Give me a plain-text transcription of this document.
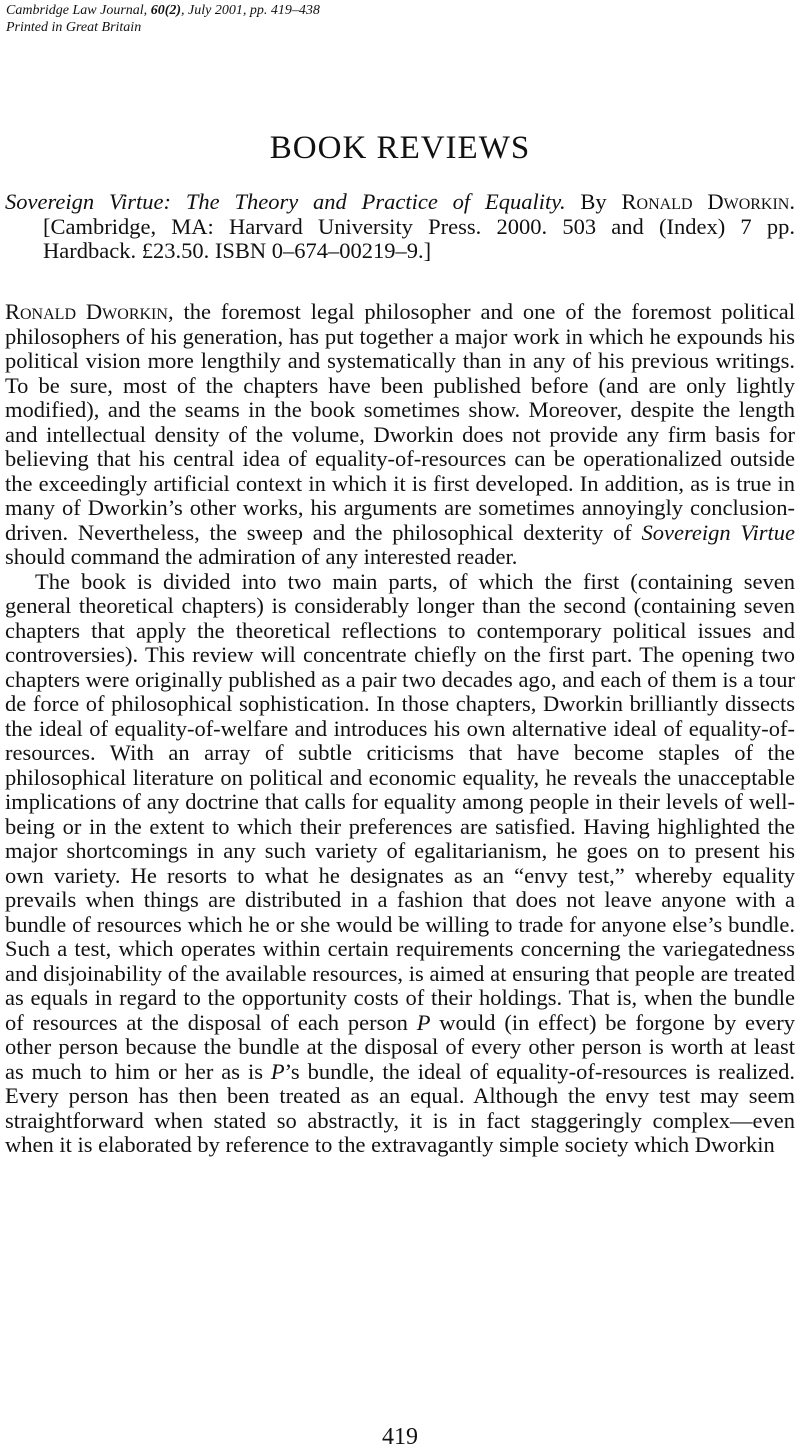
Cambridge Law Journal, 60(2), July 2001, pp. 419–438
Printed in Great Britain
BOOK REVIEWS
Sovereign Virtue: The Theory and Practice of Equality. By Ronald Dworkin. [Cambridge, MA: Harvard University Press. 2000. 503 and (Index) 7 pp. Hardback. £23.50. ISBN 0–674–00219–9.]

Ronald Dworkin, the foremost legal philosopher and one of the foremost political philosophers of his generation, has put together a major work in which he expounds his political vision more lengthily and systematically than in any of his previous writings. To be sure, most of the chapters have been published before (and are only lightly modified), and the seams in the book sometimes show. Moreover, despite the length and intellectual density of the volume, Dworkin does not provide any firm basis for believing that his central idea of equality-of-resources can be operationalized outside the exceedingly artificial context in which it is first developed. In addition, as is true in many of Dworkin’s other works, his arguments are sometimes annoyingly conclusion-driven. Nevertheless, the sweep and the philosophical dexterity of Sovereign Virtue should command the admiration of any interested reader.

The book is divided into two main parts, of which the first (containing seven general theoretical chapters) is considerably longer than the second (containing seven chapters that apply the theoretical reflections to contemporary political issues and controversies). This review will concentrate chiefly on the first part. The opening two chapters were originally published as a pair two decades ago, and each of them is a tour de force of philosophical sophistication. In those chapters, Dworkin brilliantly dissects the ideal of equality-of-welfare and introduces his own alternative ideal of equality-of-resources. With an array of subtle criticisms that have become staples of the philosophical literature on political and economic equality, he reveals the unacceptable implications of any doctrine that calls for equality among people in their levels of well-being or in the extent to which their preferences are satisfied. Having highlighted the major shortcomings in any such variety of egalitarianism, he goes on to present his own variety. He resorts to what he designates as an “envy test,” whereby equality prevails when things are distributed in a fashion that does not leave anyone with a bundle of resources which he or she would be willing to trade for anyone else’s bundle. Such a test, which operates within certain requirements concerning the variegatedness and disjoinability of the available resources, is aimed at ensuring that people are treated as equals in regard to the opportunity costs of their holdings. That is, when the bundle of resources at the disposal of each person P would (in effect) be forgone by every other person because the bundle at the disposal of every other person is worth at least as much to him or her as is P’s bundle, the ideal of equality-of-resources is realized. Every person has then been treated as an equal. Although the envy test may seem straightforward when stated so abstractly, it is in fact staggeringly complex—even when it is elaborated by reference to the extravagantly simple society which Dworkin

419
